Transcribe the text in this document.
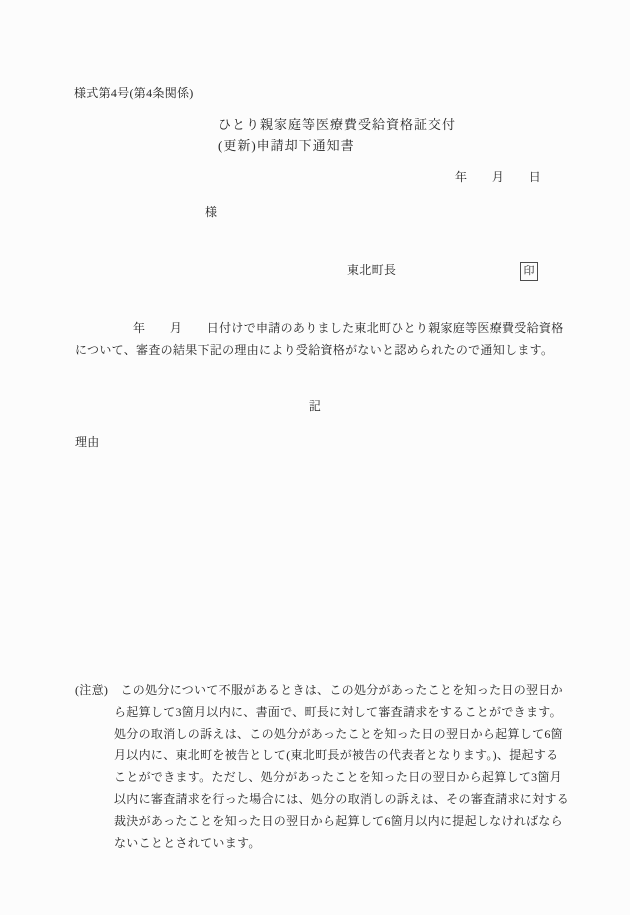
様式第4号(第4条関係)
ひとり親家庭等医療費受給資格証交付
(更新)申請却下通知書
年　　月　　日
様
東北町長	印
年　　月　　日付けで申請のありました東北町ひとり親家庭等医療費受給資格
について、審査の結果下記の理由により受給資格がないと認められたので通知します。
記
理由
(注意)　この処分について不服があるときは、この処分があったことを知った日の翌日か
ら起算して3箇月以内に、書面で、町長に対して審査請求をすることができます。
処分の取消しの訴えは、この処分があったことを知った日の翌日から起算して6箇
月以内に、東北町を被告として(東北町長が被告の代表者となります。)、提起する
ことができます。ただし、処分があったことを知った日の翌日から起算して3箇月
以内に審査請求を行った場合には、処分の取消しの訴えは、その審査請求に対する
裁決があったことを知った日の翌日から起算して6箇月以内に提起しなければなら
ないこととされています。
